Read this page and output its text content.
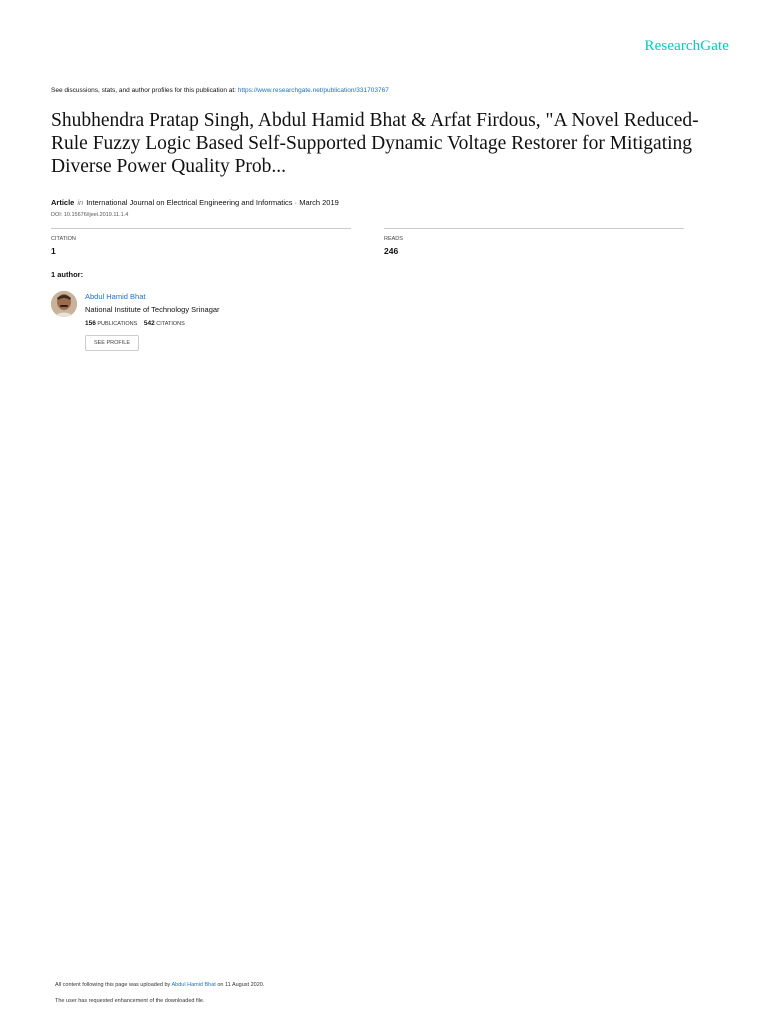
ResearchGate
See discussions, stats, and author profiles for this publication at: https://www.researchgate.net/publication/331703767
Shubhendra Pratap Singh, Abdul Hamid Bhat & Arfat Firdous, "A Novel Reduced-Rule Fuzzy Logic Based Self-Supported Dynamic Voltage Restorer for Mitigating Diverse Power Quality Prob...
Article in International Journal on Electrical Engineering and Informatics · March 2019
DOI: 10.15676/ijeei.2019.11.1.4
CITATION
1
READS
246
1 author:
Abdul Hamid Bhat
National Institute of Technology Srinagar
156 PUBLICATIONS 542 CITATIONS
SEE PROFILE
All content following this page was uploaded by Abdul Hamid Bhat on 11 August 2020.
The user has requested enhancement of the downloaded file.
